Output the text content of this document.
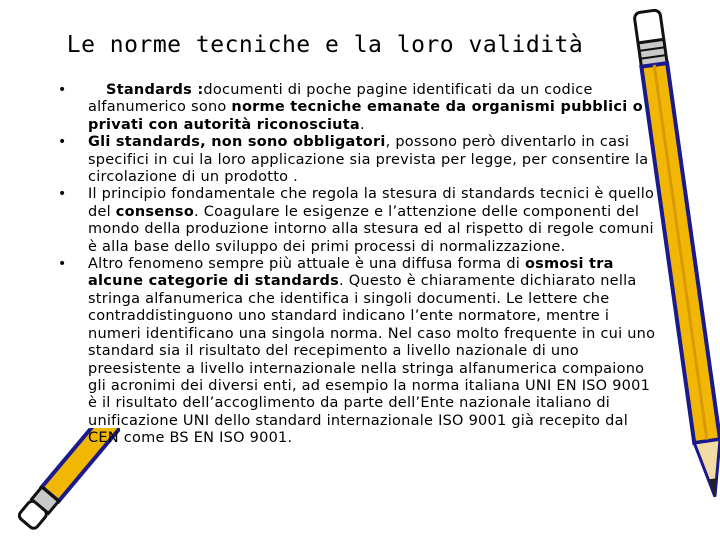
Le norme tecniche e la loro validità
•	Standards :documenti di poche pagine identificati da un codice alfanumerico sono norme tecniche emanate da organismi pubblici o privati con autorità riconosciuta.
• Gli standards, non sono obbligatori, possono però diventarlo in casi specifici in cui la loro applicazione sia prevista per legge, per consentire la circolazione di un prodotto .
• Il principio fondamentale che regola la stesura di standards tecnici è quello del consenso. Coagulare le esigenze e l’attenzione delle componenti del mondo della produzione intorno alla stesura ed al rispetto di regole comuni è alla base dello sviluppo dei primi processi di normalizzazione.
• Altro fenomeno sempre più attuale è una diffusa forma di osmosi tra alcune categorie di standards. Questo è chiaramente dichiarato nella stringa alfanumerica che identifica i singoli documenti. Le lettere che contraddistinguono uno standard indicano l’ente normatore, mentre i numeri identificano una singola norma. Nel caso molto frequente in cui uno standard sia il risultato del recepimento a livello nazionale di uno preesistente a livello internazionale nella stringa alfanumerica compaiono gli acronimi dei diversi enti, ad esempio la norma italiana UNI EN ISO 9001 è il risultato dell’accoglimento da parte dell’Ente nazionale italiano di unificazione UNI dello standard internazionale ISO 9001 già recepito dal CEN come BS EN ISO 9001.
